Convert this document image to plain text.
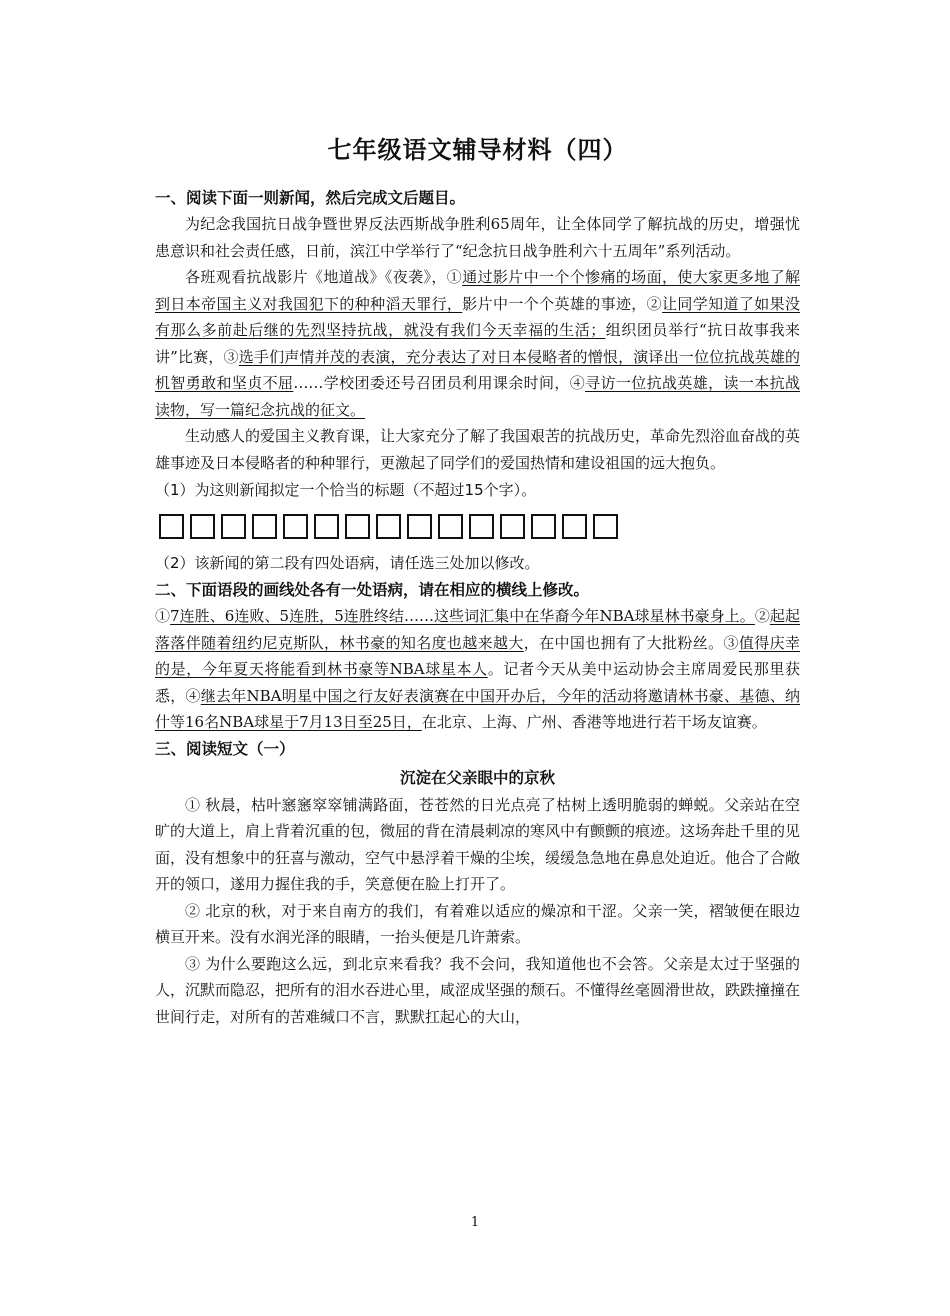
七年级语文辅导材料（四）

一、阅读下面一则新闻，然后完成文后题目。

为纪念我国抗日战争暨世界反法西斯战争胜利65周年，让全体同学了解抗战的历史，增强忧患意识和社会责任感，日前，滨江中学举行了“纪念抗日战争胜利六十五周年”系列活动。

各班观看抗战影片《地道战》《夜袭》，①通过影片中一个个惨痛的场面，使大家更多地了解到日本帝国主义对我国犯下的种种滔天罪行，影片中一个个英雄的事迹，②让同学知道了如果没有那么多前赴后继的先烈坚持抗战，就没有我们今天幸福的生活；组织团员举行“抗日故事我来讲”比赛，③选手们声情并茂的表演，充分表达了对日本侵略者的憎恨，演译出一位位抗战英雄的机智勇敢和坚贞不屈……学校团委还号召团员利用课余时间，④寻访一位抗战英雄，读一本抗战读物，写一篇纪念抗战的征文。

生动感人的爱国主义教育课，让大家充分了解了我国艰苦的抗战历史，革命先烈浴血奋战的英雄事迹及日本侵略者的种种罪行，更激起了同学们的爱国热情和建设祖国的远大抱负。

（1）为这则新闻拟定一个恰当的标题（不超过15个字）。

（2）该新闻的第二段有四处语病，请任选三处加以修改。

二、下面语段的画线处各有一处语病，请在相应的横线上修改。

①7连胜、6连败、5连胜，5连胜终结……这些词汇集中在华裔今年NBA球星林书豪身上。②起起落落伴随着纽约尼克斯队，林书豪的知名度也越来越大，在中国也拥有了大批粉丝。③值得庆幸的是，今年夏天将能看到林书豪等NBA球星本人。记者今天从美中运动协会主席周爱民那里获悉，④继去年NBA明星中国之行友好表演赛在中国开办后，今年的活动将邀请林书豪、基德、纳什等16名NBA球星于7月13日至25日，在北京、上海、广州、香港等地进行若干场友谊赛。

三、阅读短文（一）

沉淀在父亲眼中的京秋

① 秋晨，枯叶窸窸窣窣铺满路面，苍苍然的日光点亮了枯树上透明脆弱的蝉蜕。父亲站在空旷的大道上，肩上背着沉重的包，微屈的背在清晨刺凉的寒风中有颤颤的痕迹。这场奔赴千里的见面，没有想象中的狂喜与激动，空气中悬浮着干燥的尘埃，缓缓急急地在鼻息处迫近。他合了合敞开的领口，遂用力握住我的手，笑意便在脸上打开了。

② 北京的秋，对于来自南方的我们，有着难以适应的燥凉和干涩。父亲一笑，褶皱便在眼边横亘开来。没有水润光泽的眼睛，一抬头便是几许萧索。

③ 为什么要跑这么远，到北京来看我？我不会问，我知道他也不会答。父亲是太过于坚强的人，沉默而隐忍，把所有的泪水吞进心里，咸涩成坚强的颓石。不懂得丝毫圆滑世故，跌跌撞撞在世间行走，对所有的苦难缄口不言，默默扛起心的大山，

1
